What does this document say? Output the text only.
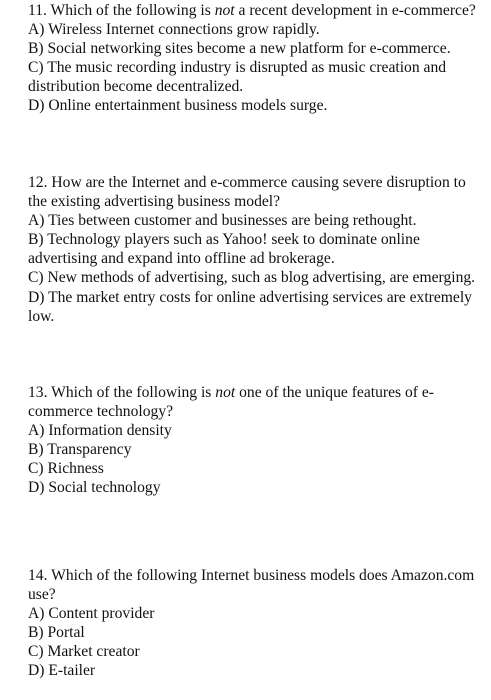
11. Which of the following is not a recent development in e-commerce?

A) Wireless Internet connections grow rapidly.

B) Social networking sites become a new platform for e-commerce.

C) The music recording industry is disrupted as music creation and distribution become decentralized.

D) Online entertainment business models surge.

12. How are the Internet and e-commerce causing severe disruption to the existing advertising business model?

A) Ties between customer and businesses are being rethought.

B) Technology players such as Yahoo! seek to dominate online advertising and expand into offline ad brokerage.

C) New methods of advertising, such as blog advertising, are emerging.

D) The market entry costs for online advertising services are extremely low.

13. Which of the following is not one of the unique features of e-commerce technology?

A) Information density

B) Transparency

C) Richness

D) Social technology

14. Which of the following Internet business models does Amazon.com use?

A) Content provider

B) Portal

C) Market creator

D) E-tailer
